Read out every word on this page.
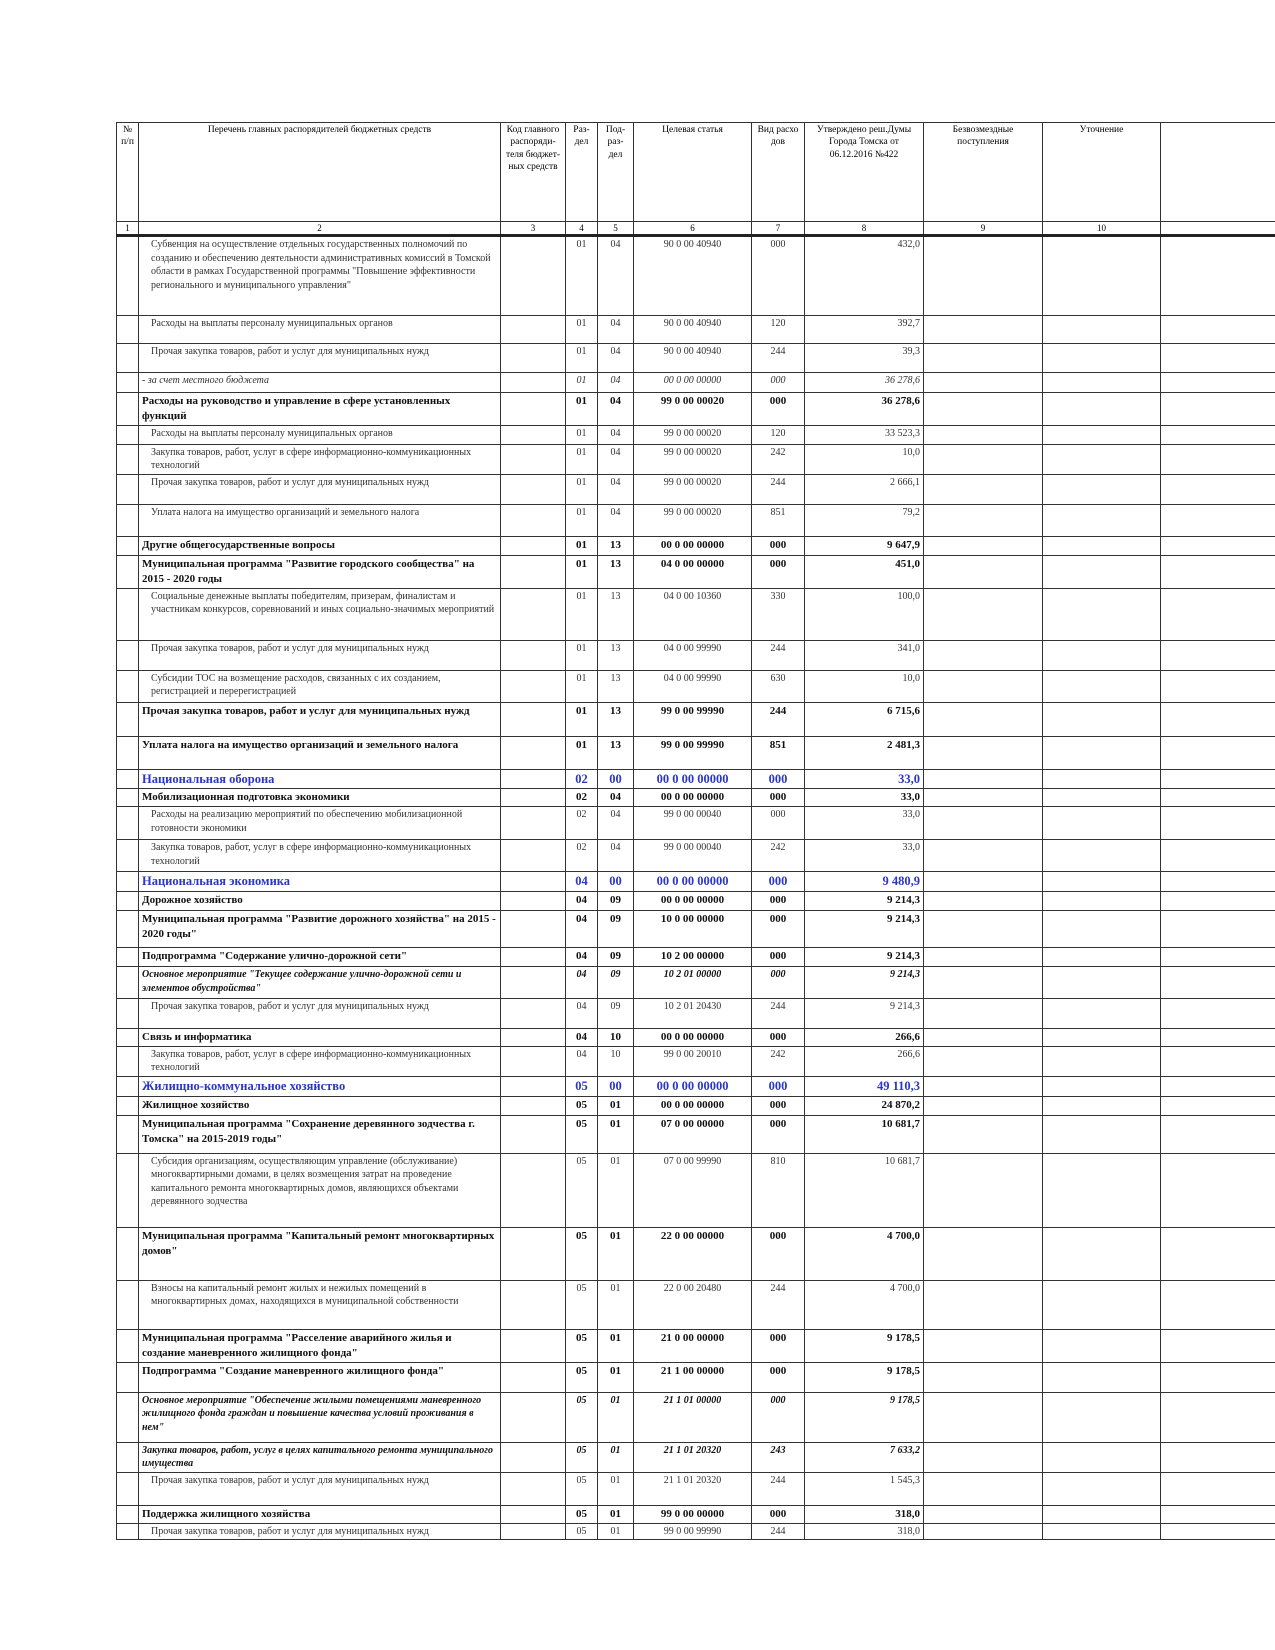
№ п/п	Перечень главных распорядителей бюджетных средств	Код главного распоряди-теля бюджет-ных средств	Раз-дел	Под-раз-дел	Целевая статья	Вид расхо дов	Утверждено реш.Думы Города Томска от 06.12.2016 №422	Безвозмездные поступления	Уточнение	
1	2	3	4	5	6	7	8	9	10	
	Субвенция на осуществление отдельных государственных полномочий по созданию и обеспечению деятельности административных комиссий в Томской области в рамках Государственной программы "Повышение эффективности регионального и муниципального управления"		01	04	90 0 00 40940	000	432,0			
	Расходы на выплаты персоналу муниципальных органов		01	04	90 0 00 40940	120	392,7			
	Прочая закупка товаров, работ и услуг для муниципальных нужд		01	04	90 0 00 40940	244	39,3			
	- за счет местного бюджета		01	04	00 0 00 00000	000	36 278,6			
	Расходы на руководство и управление в сфере установленных функций		01	04	99 0 00 00020	000	36 278,6			
	Расходы на выплаты персоналу муниципальных органов		01	04	99 0 00 00020	120	33 523,3			
	Закупка товаров, работ, услуг в сфере информационно-коммуникационных технологий		01	04	99 0 00 00020	242	10,0			
	Прочая закупка товаров, работ и услуг для муниципальных нужд		01	04	99 0 00 00020	244	2 666,1			
	Уплата налога на имущество организаций и земельного налога		01	04	99 0 00 00020	851	79,2			
	Другие общегосударственные вопросы		01	13	00 0 00 00000	000	9 647,9			
	Муниципальная программа "Развитие городского сообщества" на 2015 - 2020 годы		01	13	04 0 00 00000	000	451,0			
	Социальные денежные выплаты победителям, призерам, финалистам и участникам конкурсов, соревнований и иных социально-значимых мероприятий		01	13	04 0 00 10360	330	100,0			
	Прочая закупка товаров, работ и услуг для муниципальных нужд		01	13	04 0 00 99990	244	341,0			
	Субсидии ТОС на возмещение расходов, связанных с их созданием, регистрацией и перерегистрацией		01	13	04 0 00 99990	630	10,0			
	Прочая закупка товаров, работ и услуг для муниципальных нужд		01	13	99 0 00 99990	244	6 715,6			
	Уплата налога на имущество организаций и земельного налога		01	13	99 0 00 99990	851	2 481,3			
	Национальная оборона		02	00	00 0 00 00000	000	33,0			
	Мобилизационная подготовка экономики		02	04	00 0 00 00000	000	33,0			
	Расходы на реализацию мероприятий по обеспечению мобилизационной готовности экономики		02	04	99 0 00 00040	000	33,0			
	Закупка товаров, работ, услуг в сфере информационно-коммуникационных технологий		02	04	99 0 00 00040	242	33,0			
	Национальная экономика		04	00	00 0 00 00000	000	9 480,9			
	Дорожное хозяйство		04	09	00 0 00 00000	000	9 214,3			
	Муниципальная программа "Развитие дорожного хозяйства" на 2015 - 2020 годы"		04	09	10 0 00 00000	000	9 214,3			
	Подпрограмма "Содержание улично-дорожной сети"		04	09	10 2 00 00000	000	9 214,3			
	Основное мероприятие "Текущее содержание улично-дорожной сети и элементов обустройства"		04	09	10 2 01 00000	000	9 214,3			
	Прочая закупка товаров, работ и услуг для муниципальных нужд		04	09	10 2 01 20430	244	9 214,3			
	Связь и информатика		04	10	00 0 00 00000	000	266,6			
	Закупка товаров, работ, услуг в сфере информационно-коммуникационных технологий		04	10	99 0 00 20010	242	266,6			
	Жилищно-коммунальное хозяйство		05	00	00 0 00 00000	000	49 110,3			
	Жилищное хозяйство		05	01	00 0 00 00000	000	24 870,2			
	Муниципальная программа "Сохранение деревянного зодчества г. Томска" на 2015-2019 годы"		05	01	07 0 00 00000	000	10 681,7			
	Субсидия организациям, осуществляющим управление (обслуживание) многоквартирными домами, в целях возмещения затрат на проведение капитального ремонта многоквартирных домов, являющихся объектами деревянного зодчества		05	01	07 0 00 99990	810	10 681,7			
	Муниципальная программа "Капитальный ремонт многоквартирных домов"		05	01	22 0 00 00000	000	4 700,0			
	Взносы на капитальный ремонт жилых и нежилых помещений в многоквартирных домах, находящихся в муниципальной собственности		05	01	22 0 00 20480	244	4 700,0			
	Муниципальная программа "Расселение аварийного жилья и создание маневренного жилищного фонда"		05	01	21 0 00 00000	000	9 178,5			
	Подпрограмма "Создание маневренного жилищного фонда"		05	01	21 1 00 00000	000	9 178,5			
	Основное мероприятие "Обеспечение жилыми помещениями маневренного жилищного фонда граждан и повышение качества условий проживания в нем"		05	01	21 1 01 00000	000	9 178,5			
	Закупка товаров, работ, услуг в целях капитального ремонта муниципального имущества		05	01	21 1 01 20320	243	7 633,2			
	Прочая закупка товаров, работ и услуг для муниципальных нужд		05	01	21 1 01 20320	244	1 545,3			
	Поддержка жилищного хозяйства		05	01	99 0 00 00000	000	318,0			
	Прочая закупка товаров, работ и услуг для муниципальных нужд		05	01	99 0 00 99990	244	318,0			
